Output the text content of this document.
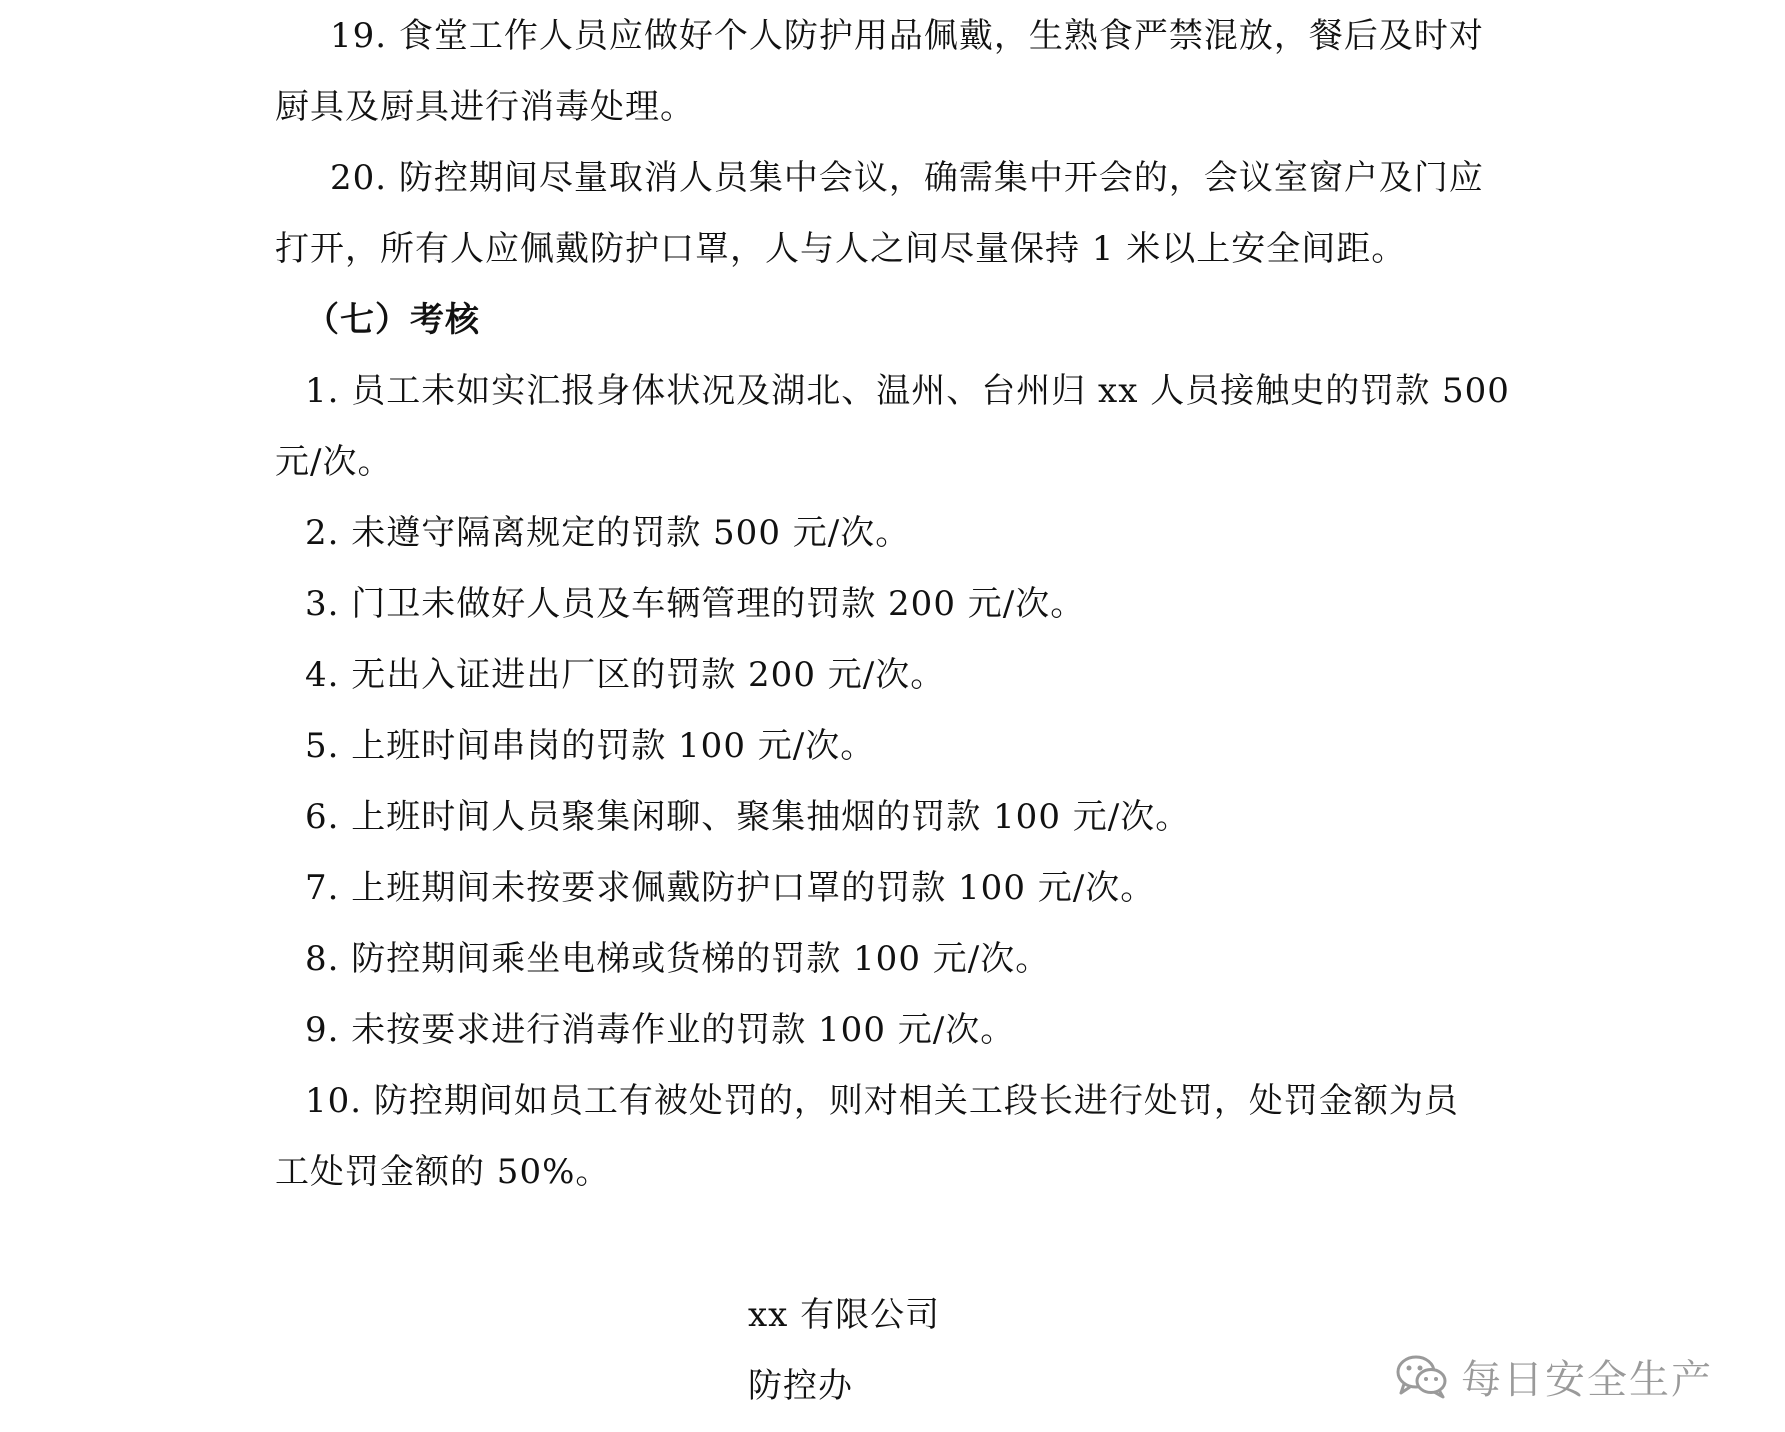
19. 食堂工作人员应做好个人防护用品佩戴，生熟食严禁混放，餐后及时对
厨具及厨具进行消毒处理。
20. 防控期间尽量取消人员集中会议，确需集中开会的，会议室窗户及门应
打开，所有人应佩戴防护口罩，人与人之间尽量保持 1 米以上安全间距。
（七）考核
1. 员工未如实汇报身体状况及湖北、温州、台州归 xx 人员接触史的罚款 500
元/次。
2. 未遵守隔离规定的罚款 500 元/次。
3. 门卫未做好人员及车辆管理的罚款 200 元/次。
4. 无出入证进出厂区的罚款 200 元/次。
5. 上班时间串岗的罚款 100 元/次。
6. 上班时间人员聚集闲聊、聚集抽烟的罚款 100 元/次。
7. 上班期间未按要求佩戴防护口罩的罚款 100 元/次。
8. 防控期间乘坐电梯或货梯的罚款 100 元/次。
9. 未按要求进行消毒作业的罚款 100 元/次。
10. 防控期间如员工有被处罚的，则对相关工段长进行处罚，处罚金额为员
工处罚金额的 50%。
xx 有限公司
防控办	每日安全生产
